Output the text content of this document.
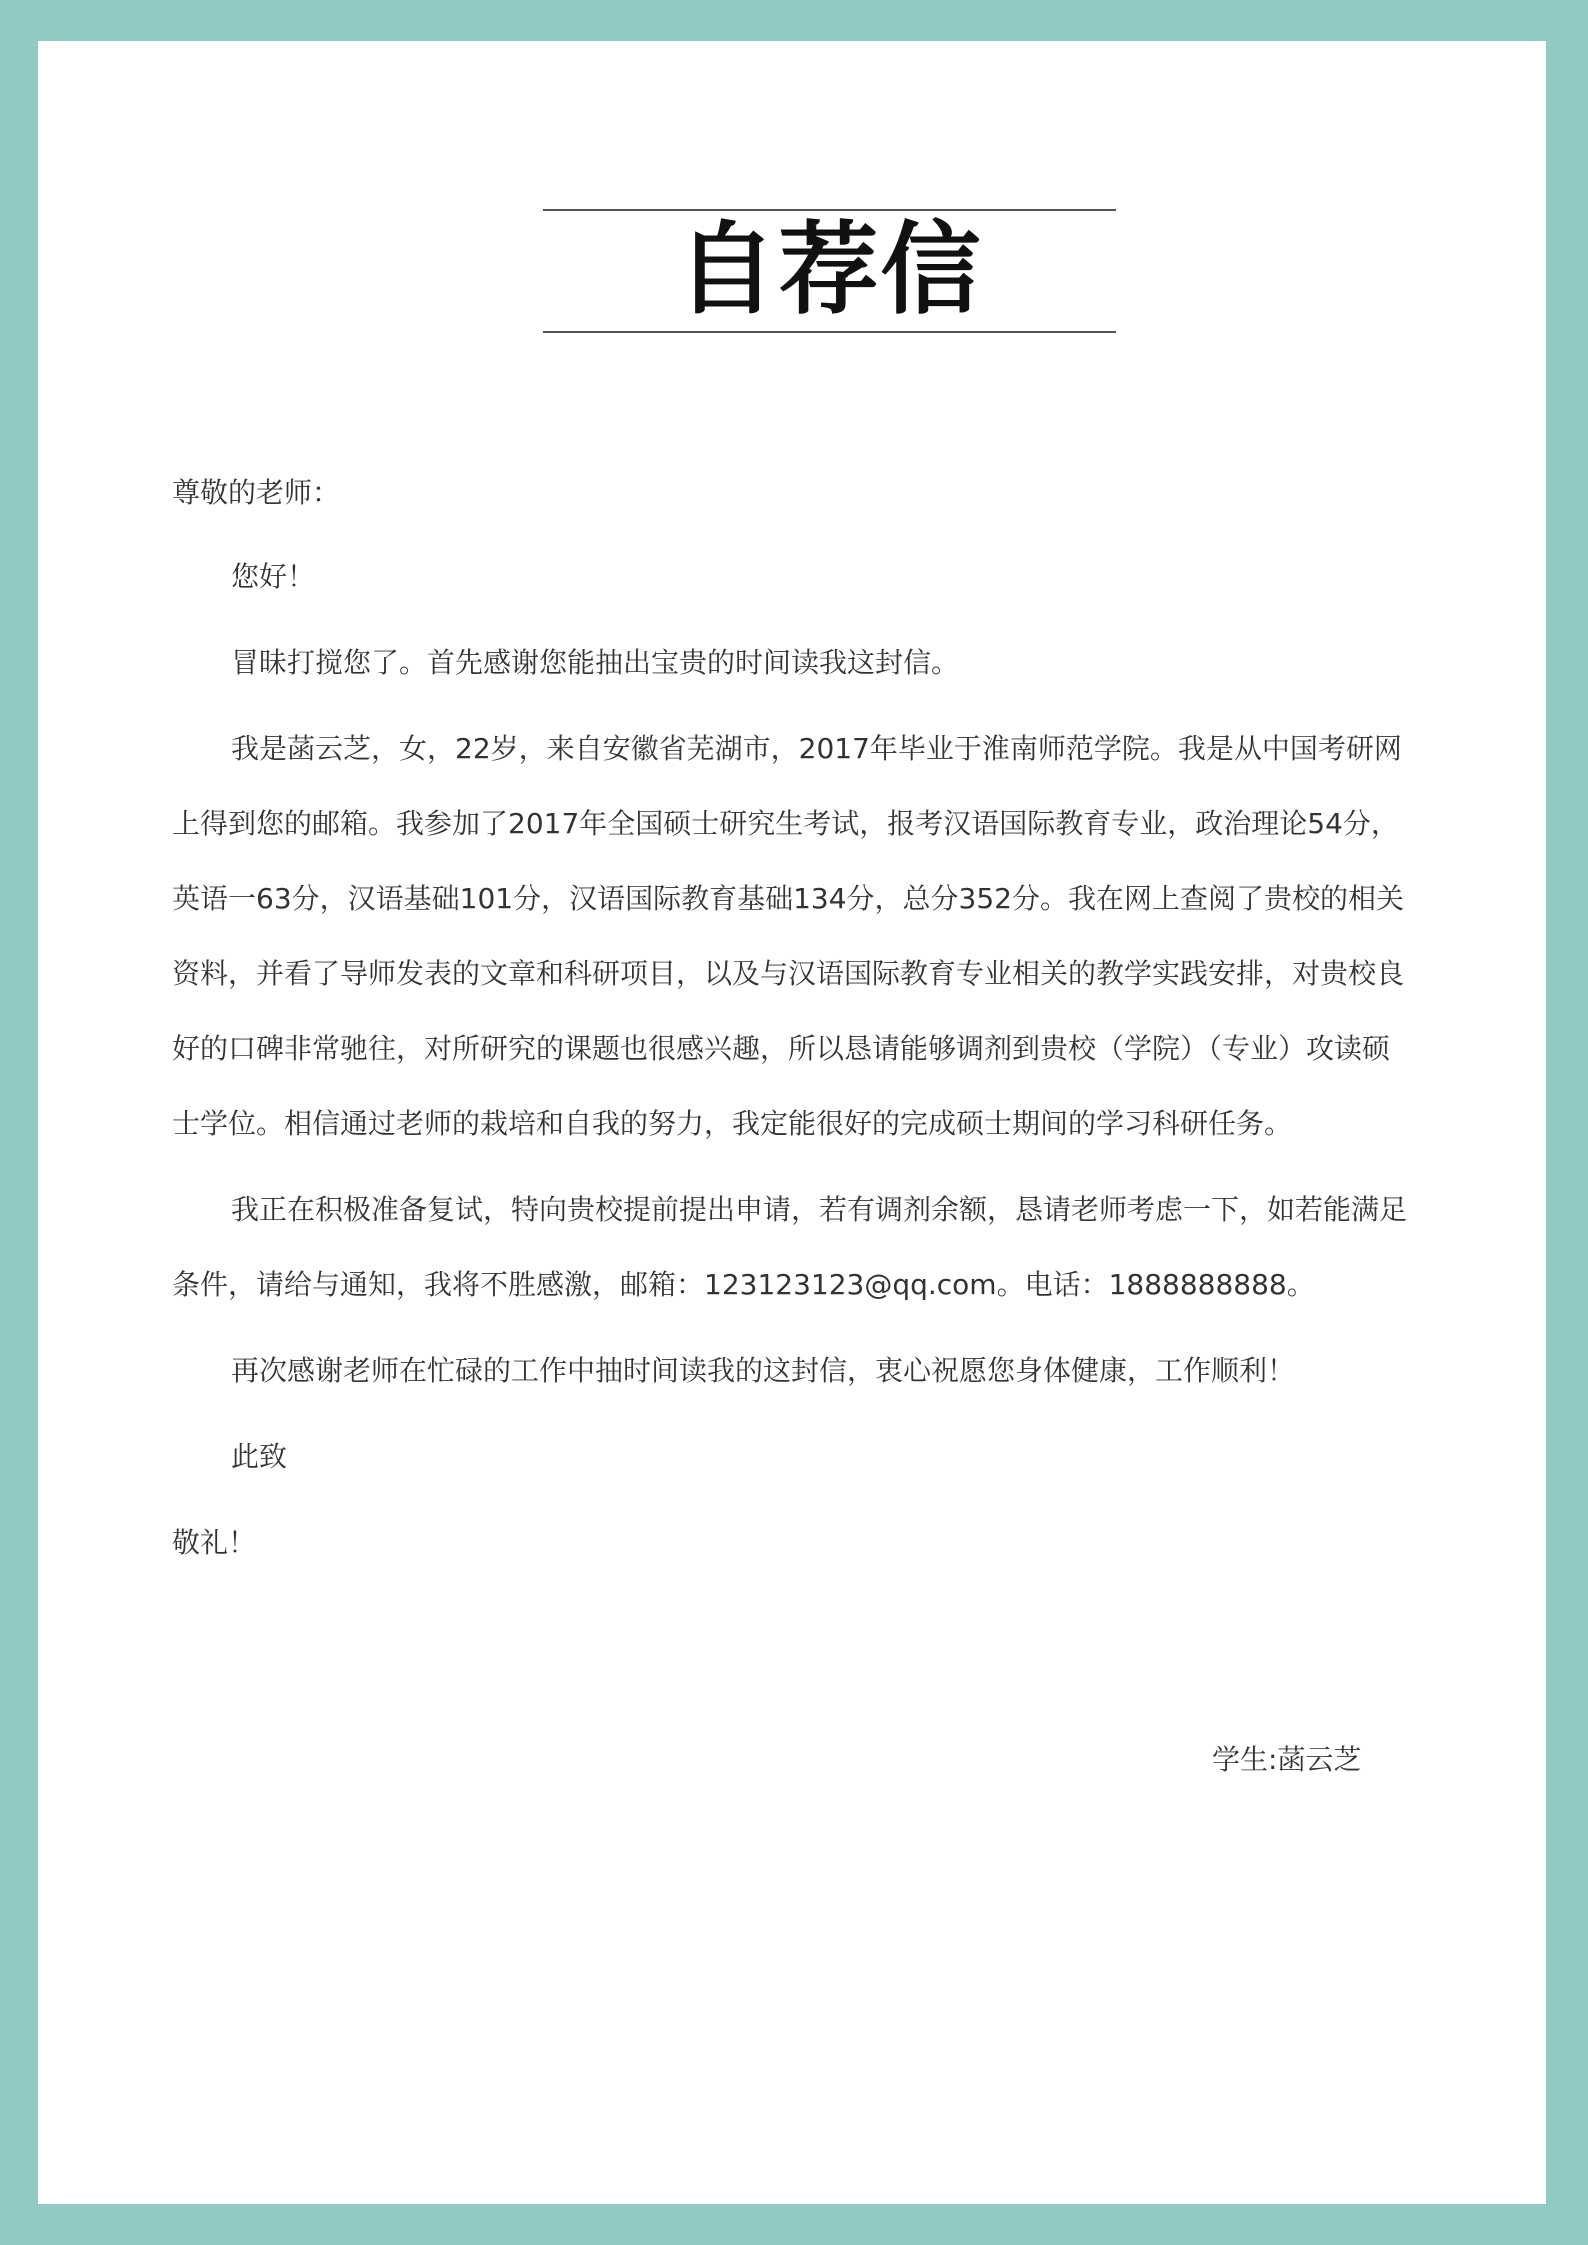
自荐信

尊敬的老师：

您好！

冒昧打搅您了。首先感谢您能抽出宝贵的时间读我这封信。

我是菡云芝，女，22岁，来自安徽省芜湖市，2017年毕业于淮南师范学院。我是从中国考研网上得到您的邮箱。我参加了2017年全国硕士研究生考试，报考汉语国际教育专业，政治理论54分，英语一63分，汉语基础101分，汉语国际教育基础134分，总分352分。我在网上查阅了贵校的相关资料，并看了导师发表的文章和科研项目，以及与汉语国际教育专业相关的教学实践安排，对贵校良好的口碑非常驰往，对所研究的课题也很感兴趣，所以恳请能够调剂到贵校（学院）（专业）攻读硕士学位。相信通过老师的栽培和自我的努力，我定能很好的完成硕士期间的学习科研任务。

我正在积极准备复试，特向贵校提前提出申请，若有调剂余额，恳请老师考虑一下，如若能满足条件，请给与通知，我将不胜感激，邮箱：123123123@qq.com。电话：1888888888。

再次感谢老师在忙碌的工作中抽时间读我的这封信，衷心祝愿您身体健康，工作顺利！

此致

敬礼！

学生:菡云芝
